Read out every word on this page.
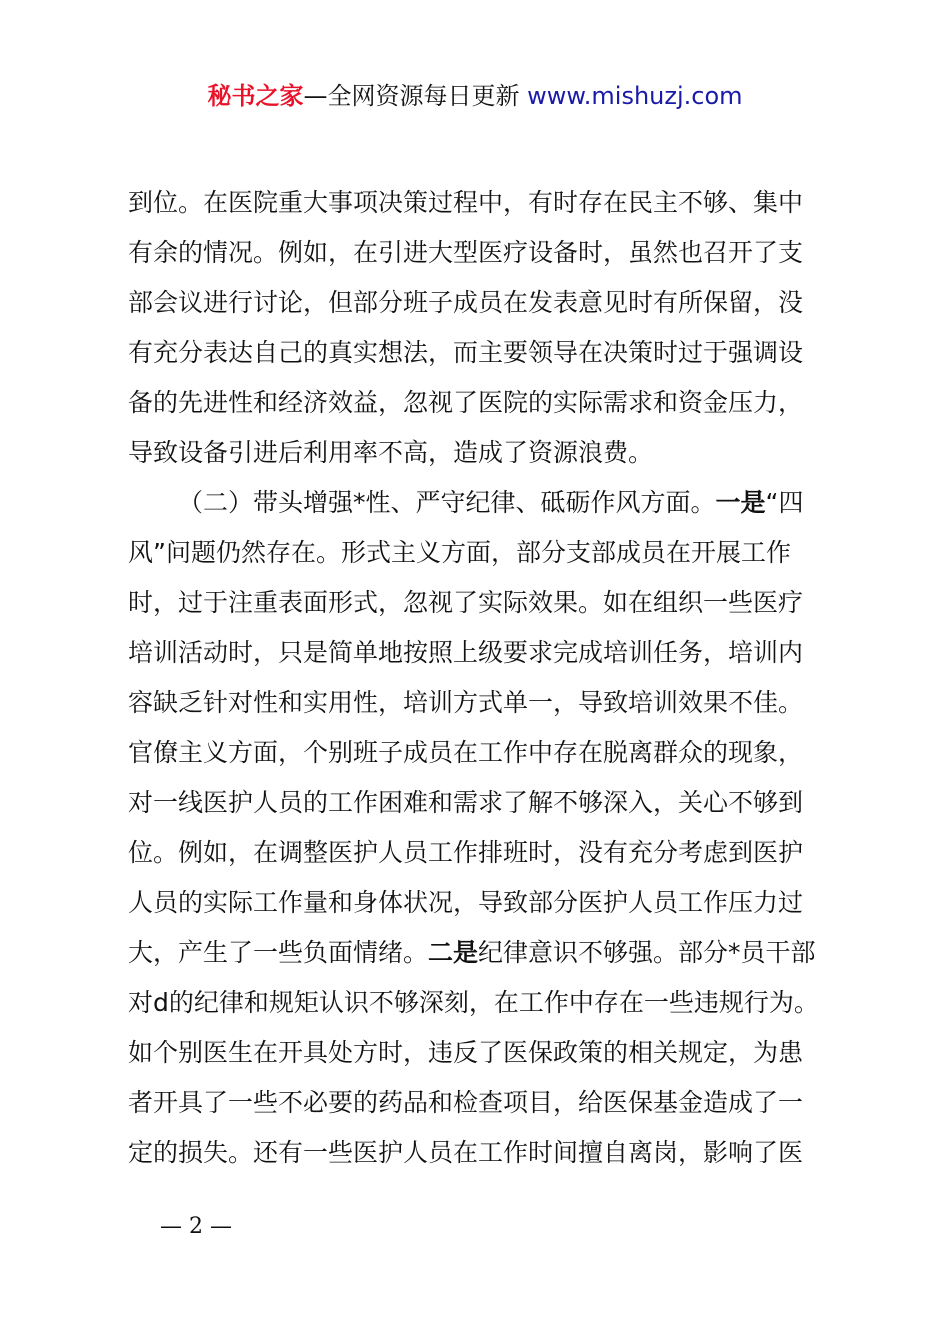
秘书之家—全网资源每日更新 www.mishuzj.com
到位。在医院重大事项决策过程中，有时存在民主不够、集中
有余的情况。例如，在引进大型医疗设备时，虽然也召开了支
部会议进行讨论，但部分班子成员在发表意见时有所保留，没
有充分表达自己的真实想法，而主要领导在决策时过于强调设
备的先进性和经济效益，忽视了医院的实际需求和资金压力，
导致设备引进后利用率不高，造成了资源浪费。
（二）带头增强*性、严守纪律、砥砺作风方面。一是“四
风”问题仍然存在。形式主义方面，部分支部成员在开展工作
时，过于注重表面形式，忽视了实际效果。如在组织一些医疗
培训活动时，只是简单地按照上级要求完成培训任务，培训内
容缺乏针对性和实用性，培训方式单一，导致培训效果不佳。
官僚主义方面，个别班子成员在工作中存在脱离群众的现象，
对一线医护人员的工作困难和需求了解不够深入，关心不够到
位。例如，在调整医护人员工作排班时，没有充分考虑到医护
人员的实际工作量和身体状况，导致部分医护人员工作压力过
大，产生了一些负面情绪。二是纪律意识不够强。部分*员干部
对d的纪律和规矩认识不够深刻，在工作中存在一些违规行为。
如个别医生在开具处方时，违反了医保政策的相关规定，为患
者开具了一些不必要的药品和检查项目，给医保基金造成了一
定的损失。还有一些医护人员在工作时间擅自离岗，影响了医
— 2 —
